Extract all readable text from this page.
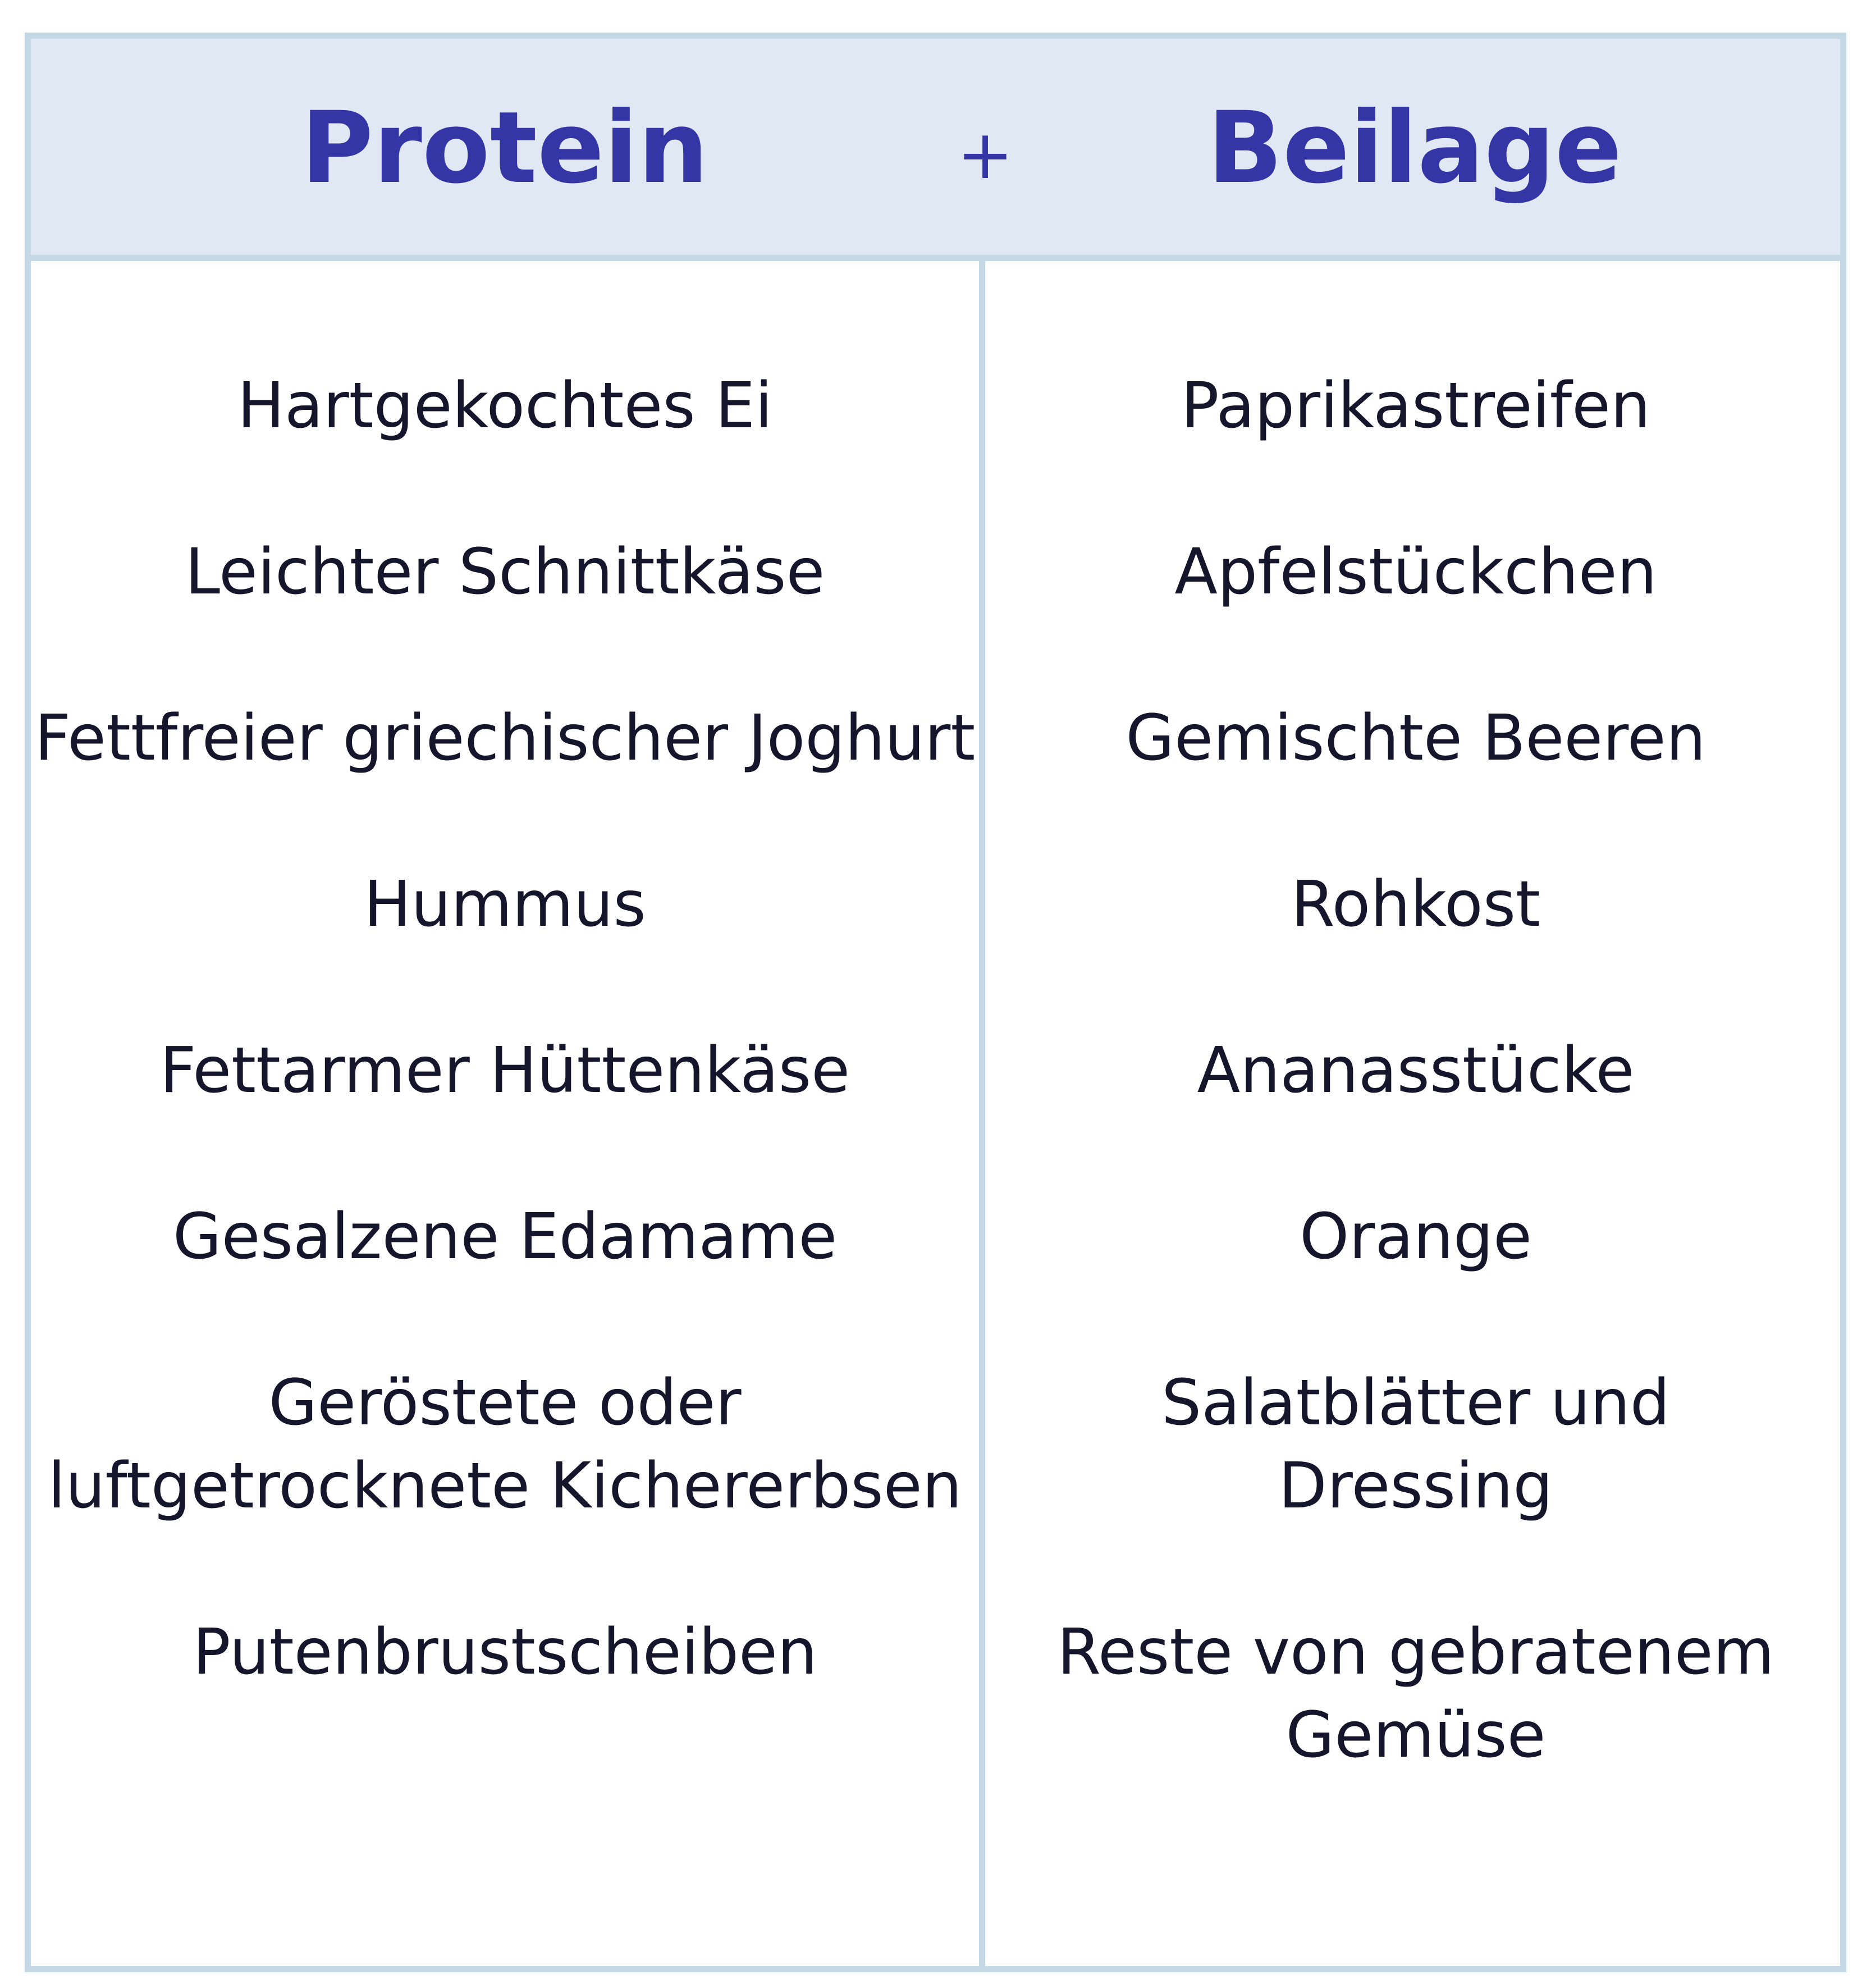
Protein	+	Beilage
Hartgekochtes Ei
Leichter Schnittkäse
Fettfreier griechischer Joghurt
Hummus
Fettarmer Hüttenkäse
Gesalzene Edamame
Geröstete oder
luftgetrocknete Kichererbsen
Putenbrustscheiben
Paprikastreifen
Apfelstückchen
Gemischte Beeren
Rohkost
Ananasstücke
Orange
Salatblätter und
Dressing
Reste von gebratenem
Gemüse
